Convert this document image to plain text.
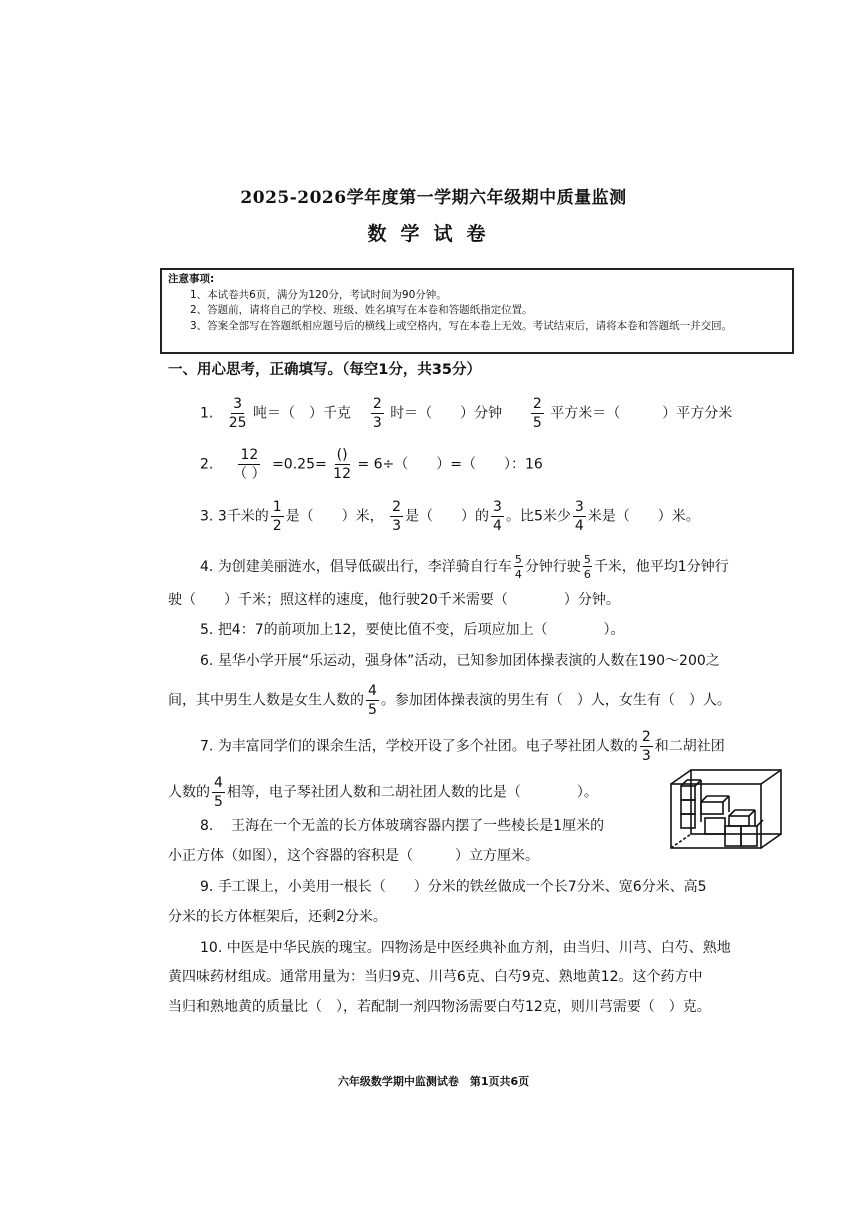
2025-2026学年度第一学期六年级期中质量监测
数学试卷
注意事项:
1、本试卷共6页，满分为120分，考试时间为90分钟。
2、答题前，请将自己的学校、班级、姓名填写在本卷和答题纸指定位置。
3、答案全部写在答题纸相应题号后的横线上或空格内，写在本卷上无效。考试结束后，请将本卷和答题纸一并交回。
一、用心思考，正确填写。（每空1分，共35分）
1. $\frac{3}{25}$ 吨＝（　）千克 $\frac{2}{3}$ 时＝（　　）分钟 $\frac{2}{5}$ 平方米＝（　　　）平方分米
2. $\frac{12}{( )} =0.25= \frac{()}{12} = 6\div$（　　）=（　　）：16
3. 3千米的 $\frac{1}{2}$ 是（　　）米， $\frac{2}{3}$ 是（　　）的 $\frac{3}{4}$ 。比5米少 $\frac{3}{4}$ 米是（　　）米。
4. 为创建美丽涟水，倡导低碳出行，李洋骑自行车 $\frac{5}{4}$ 分钟行驶 $\frac{5}{6}$ 千米，他平均1分钟行
驶（　　）千米；照这样的速度，他行驶20千米需要（　　　　）分钟。
5. 把4：7的前项加上12，要使比值不变，后项应加上（　　　　）。
6. 星华小学开展“乐运动，强身体”活动，已知参加团体操表演的人数在190～200之
间，其中男生人数是女生人数的 $\frac{4}{5}$ 。参加团体操表演的男生有（　）人，女生有（　）人。
7. 为丰富同学们的课余生活，学校开设了多个社团。电子琴社团人数的 $\frac{2}{3}$ 和二胡社团
人数的 $\frac{4}{5}$ 相等，电子琴社团人数和二胡社团人数的比是（　　　　）。
8. 王海在一个无盖的长方体玻璃容器内摆了一些棱长是1厘米的
小正方体（如图），这个容器的容积是（　　　）立方厘米。
9. 手工课上，小美用一根长（　　）分米的铁丝做成一个长7分米、宽6分米、高5
分米的长方体框架后，还剩2分米。
10. 中医是中华民族的瑰宝。四物汤是中医经典补血方剂，由当归、川芎、白芍、熟地
黄四味药材组成。通常用量为：当归9克、川芎6克、白芍9克、熟地黄12。这个药方中
当归和熟地黄的质量比（　），若配制一剂四物汤需要白芍12克，则川芎需要（　）克。
六年级数学期中监测试卷　第1页共6页
